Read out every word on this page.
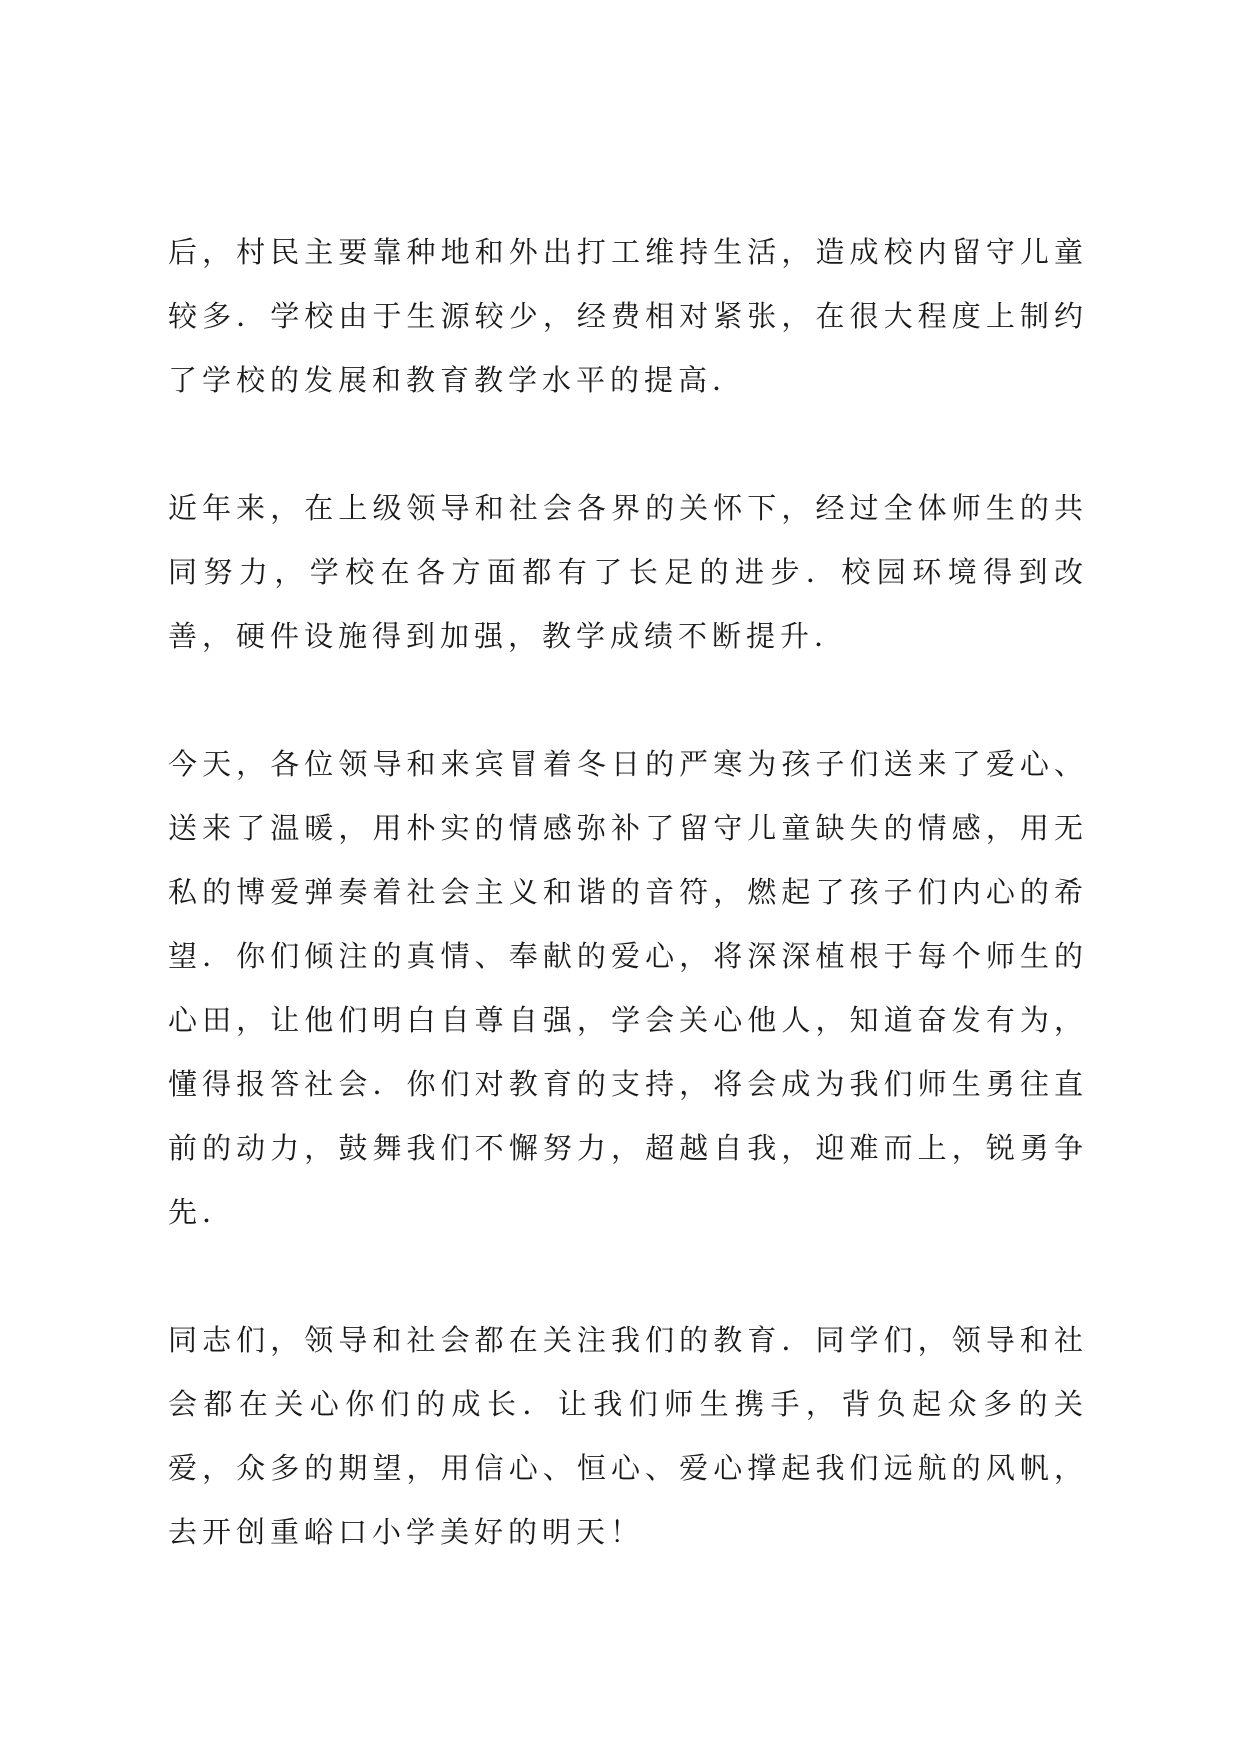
后，村民主要靠种地和外出打工维持生活，造成校内留守儿童较多．学校由于生源较少，经费相对紧张，在很大程度上制约了学校的发展和教育教学水平的提高．

近年来，在上级领导和社会各界的关怀下，经过全体师生的共同努力，学校在各方面都有了长足的进步．校园环境得到改善，硬件设施得到加强，教学成绩不断提升．

今天，各位领导和来宾冒着冬日的严寒为孩子们送来了爱心、送来了温暖，用朴实的情感弥补了留守儿童缺失的情感，用无私的博爱弹奏着社会主义和谐的音符，燃起了孩子们内心的希望．你们倾注的真情、奉献的爱心，将深深植根于每个师生的心田，让他们明白自尊自强，学会关心他人，知道奋发有为，懂得报答社会．你们对教育的支持，将会成为我们师生勇往直前的动力，鼓舞我们不懈努力，超越自我，迎难而上，锐勇争先．

同志们，领导和社会都在关注我们的教育．同学们，领导和社会都在关心你们的成长．让我们师生携手，背负起众多的关爱，众多的期望，用信心、恒心、爱心撑起我们远航的风帆，去开创重峪口小学美好的明天！
